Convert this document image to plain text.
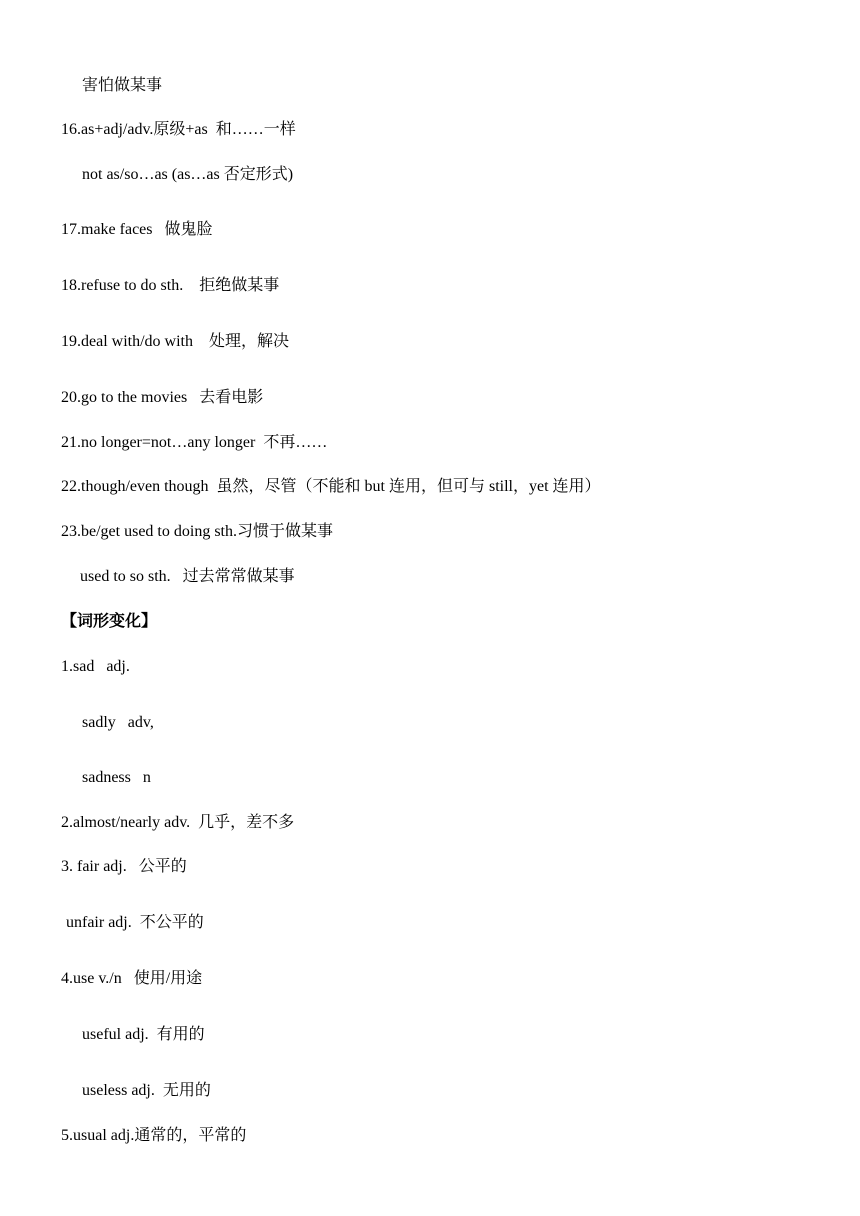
害怕做某事
16.as+adj/adv.原级+as  和……一样
not as/so…as (as…as 否定形式)
17.make faces   做鬼脸
18.refuse to do sth.    拒绝做某事
19.deal with/do with    处理，解决
20.go to the movies   去看电影
21.no longer=not…any longer  不再……
22.though/even though  虽然，尽管（不能和 but 连用，但可与 still，yet 连用）
23.be/get used to doing sth.习惯于做某事
used to so sth.   过去常常做某事
【词形变化】
1.sad   adj.
sadly   adv,
sadness   n
2.almost/nearly adv.  几乎，差不多
3. fair adj.   公平的
unfair adj.  不公平的
4.use v./n   使用/用途
useful adj.  有用的
useless adj.  无用的
5.usual adj.通常的，平常的
